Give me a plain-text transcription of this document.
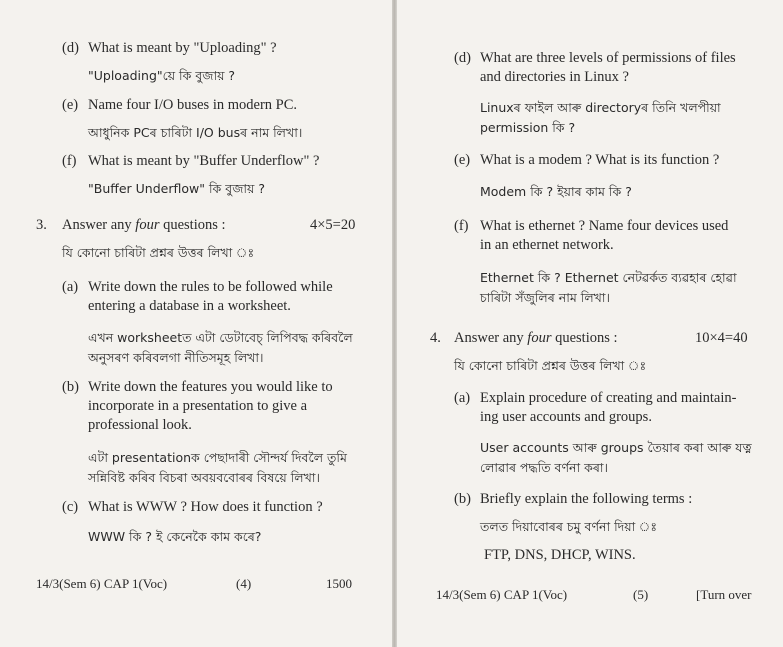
(d) What is meant by "Uploading" ?
"Uploading"য়ে কি বুজায় ?
(e) Name four I/O buses in modern PC.
আধুনিক PCৰ চাৰিটা I/O busৰ নাম লিখা।
(f) What is meant by "Buffer Underflow" ?
"Buffer Underflow" কি বুজায় ?
3. Answer any four questions :	4×5=20
যি কোনো চাৰিটা প্ৰশ্নৰ উত্তৰ লিখা ঃ
(a) Write down the rules to be followed while
entering a database in a worksheet.
এখন worksheetত এটা ডেটাবেচ্ লিপিবদ্ধ কৰিবলৈ
অনুসৰণ কৰিবলগা নীতিসমূহ লিখা।
(b) Write down the features you would like to
incorporate in a presentation to give a
professional look.
এটা presentationক পেছাদাৰী সৌন্দৰ্য দিবলৈ তুমি
সন্নিবিষ্ট কৰিব বিচৰা অবয়ববোৰৰ বিষয়ে লিখা।
(c) What is WWW ? How does it function ?
WWW কি ? ই কেনেকৈ কাম কৰে?
14/3(Sem 6) CAP 1(Voc)	(4)	1500
(d) What are three levels of permissions of files
and directories in Linux ?
Linuxৰ ফাইল আৰু directoryৰ তিনি খলপীয়া
permission কি ?
(e) What is a modem ? What is its function ?
Modem কি ? ইয়াৰ কাম কি ?
(f) What is ethernet ? Name four devices used
in an ethernet network.
Ethernet কি ? Ethernet নেটৱৰ্কত ব্যৱহাৰ হোৱা
চাৰিটা সঁজুলিৰ নাম লিখা।
4. Answer any four questions :	10×4=40
যি কোনো চাৰিটা প্ৰশ্নৰ উত্তৰ লিখা ঃ
(a) Explain procedure of creating and maintain-
ing user accounts and groups.
User accounts আৰু groups তৈয়াৰ কৰা আৰু যত্ন
লোৱাৰ পদ্ধতি বৰ্ণনা কৰা।
(b) Briefly explain the following terms :
তলত দিয়াবোৰৰ চমু বৰ্ণনা দিয়া ঃ
FTP, DNS, DHCP, WINS.
14/3(Sem 6) CAP 1(Voc)	(5)	[Turn over
